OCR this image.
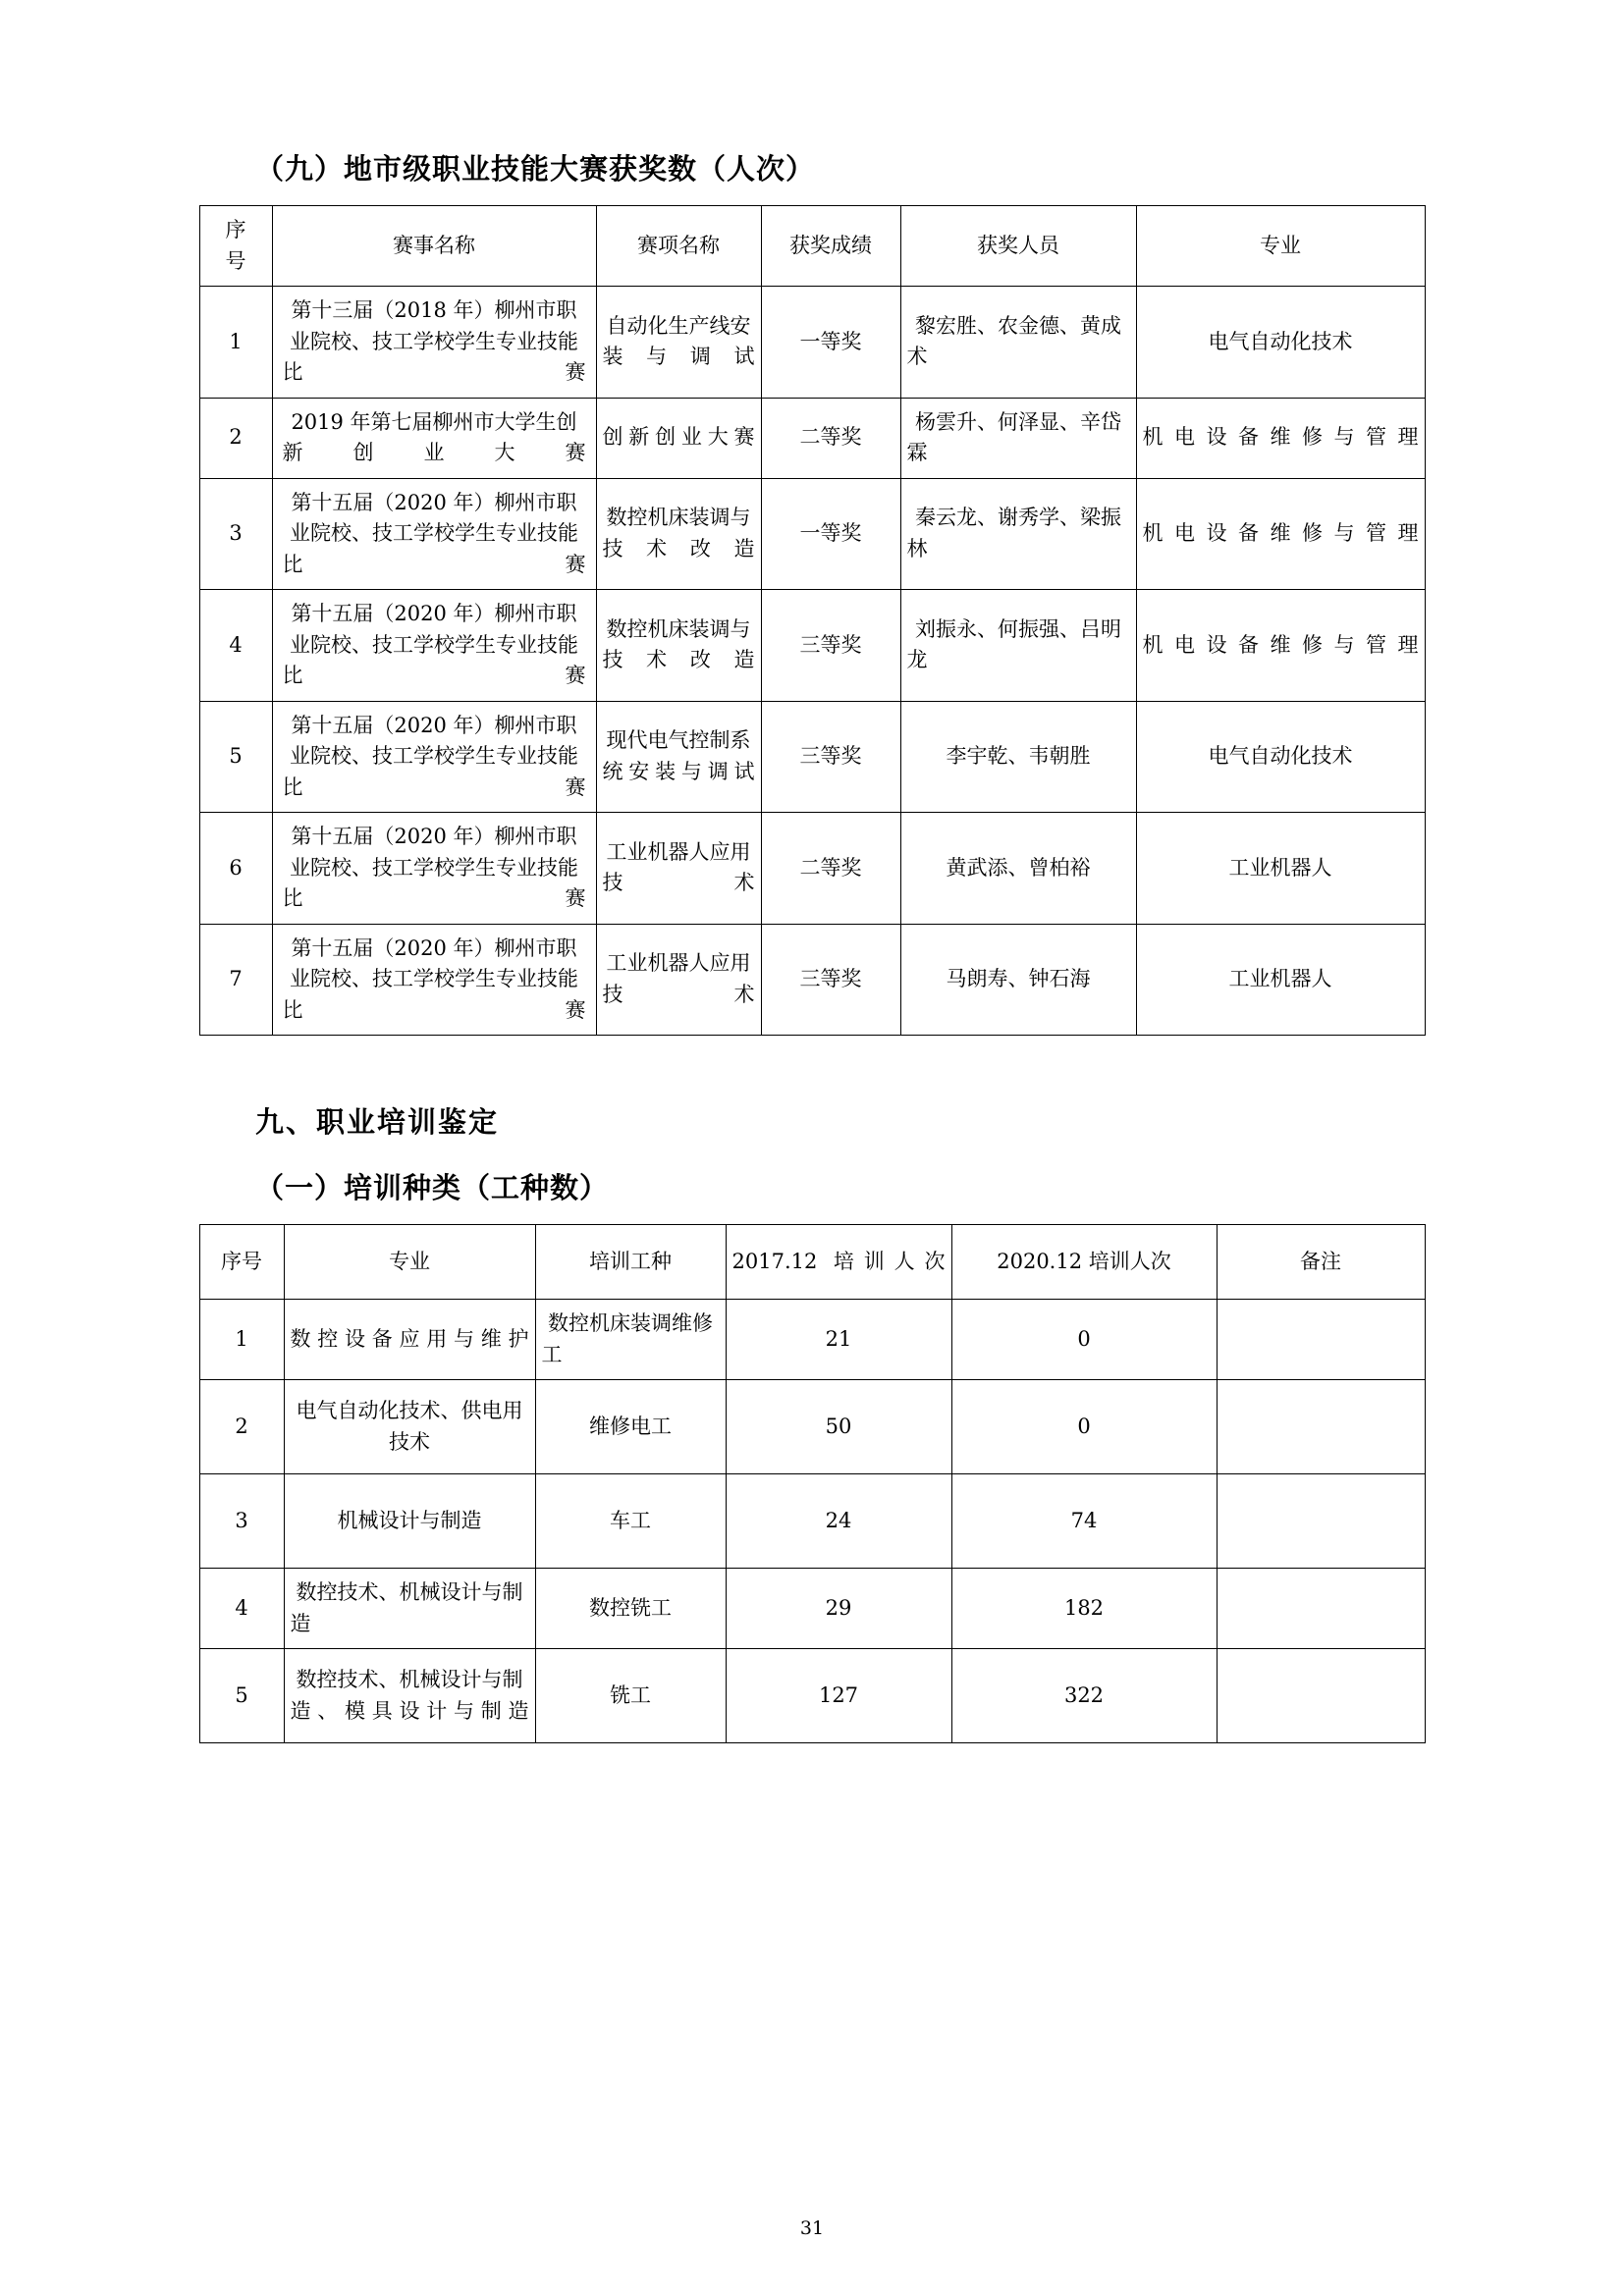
（九）地市级职业技能大赛获奖数（人次）
序
号	赛事名称	赛项名称	获奖成绩	获奖人员	专业
1	第十三届（2018 年）柳州市职业院校、技工学校学生专业技能比赛	自动化生产线安装与调试	一等奖	黎宏胜、农金德、黄成术	电气自动化技术
2	2019 年第七届柳州市大学生创新创业大赛	创新创业大赛	二等奖	杨雲升、何泽显、辛岱霖	机电设备维修与管理
3	第十五届（2020 年）柳州市职业院校、技工学校学生专业技能比赛	数控机床装调与技术改造	一等奖	秦云龙、谢秀学、梁振林	机电设备维修与管理
4	第十五届（2020 年）柳州市职业院校、技工学校学生专业技能比赛	数控机床装调与技术改造	三等奖	刘振永、何振强、吕明龙	机电设备维修与管理
5	第十五届（2020 年）柳州市职业院校、技工学校学生专业技能比赛	现代电气控制系统安装与调试	三等奖	李宇乾、韦朝胜	电气自动化技术
6	第十五届（2020 年）柳州市职业院校、技工学校学生专业技能比赛	工业机器人应用技术	二等奖	黄武添、曾柏裕	工业机器人
7	第十五届（2020 年）柳州市职业院校、技工学校学生专业技能比赛	工业机器人应用技术	三等奖	马朗寿、钟石海	工业机器人
九、职业培训鉴定
（一）培训种类（工种数）
序号	专业	培训工种	2017.12 培训人次	2020.12 培训人次	备注
1	数控设备应用与维护	数控机床装调维修工	21	0	
2	电气自动化技术、供电用技术	维修电工	50	0	
3	机械设计与制造	车工	24	74	
4	数控技术、机械设计与制造	数控铣工	29	182	
5	数控技术、机械设计与制造、模具设计与制造	铣工	127	322	
31
